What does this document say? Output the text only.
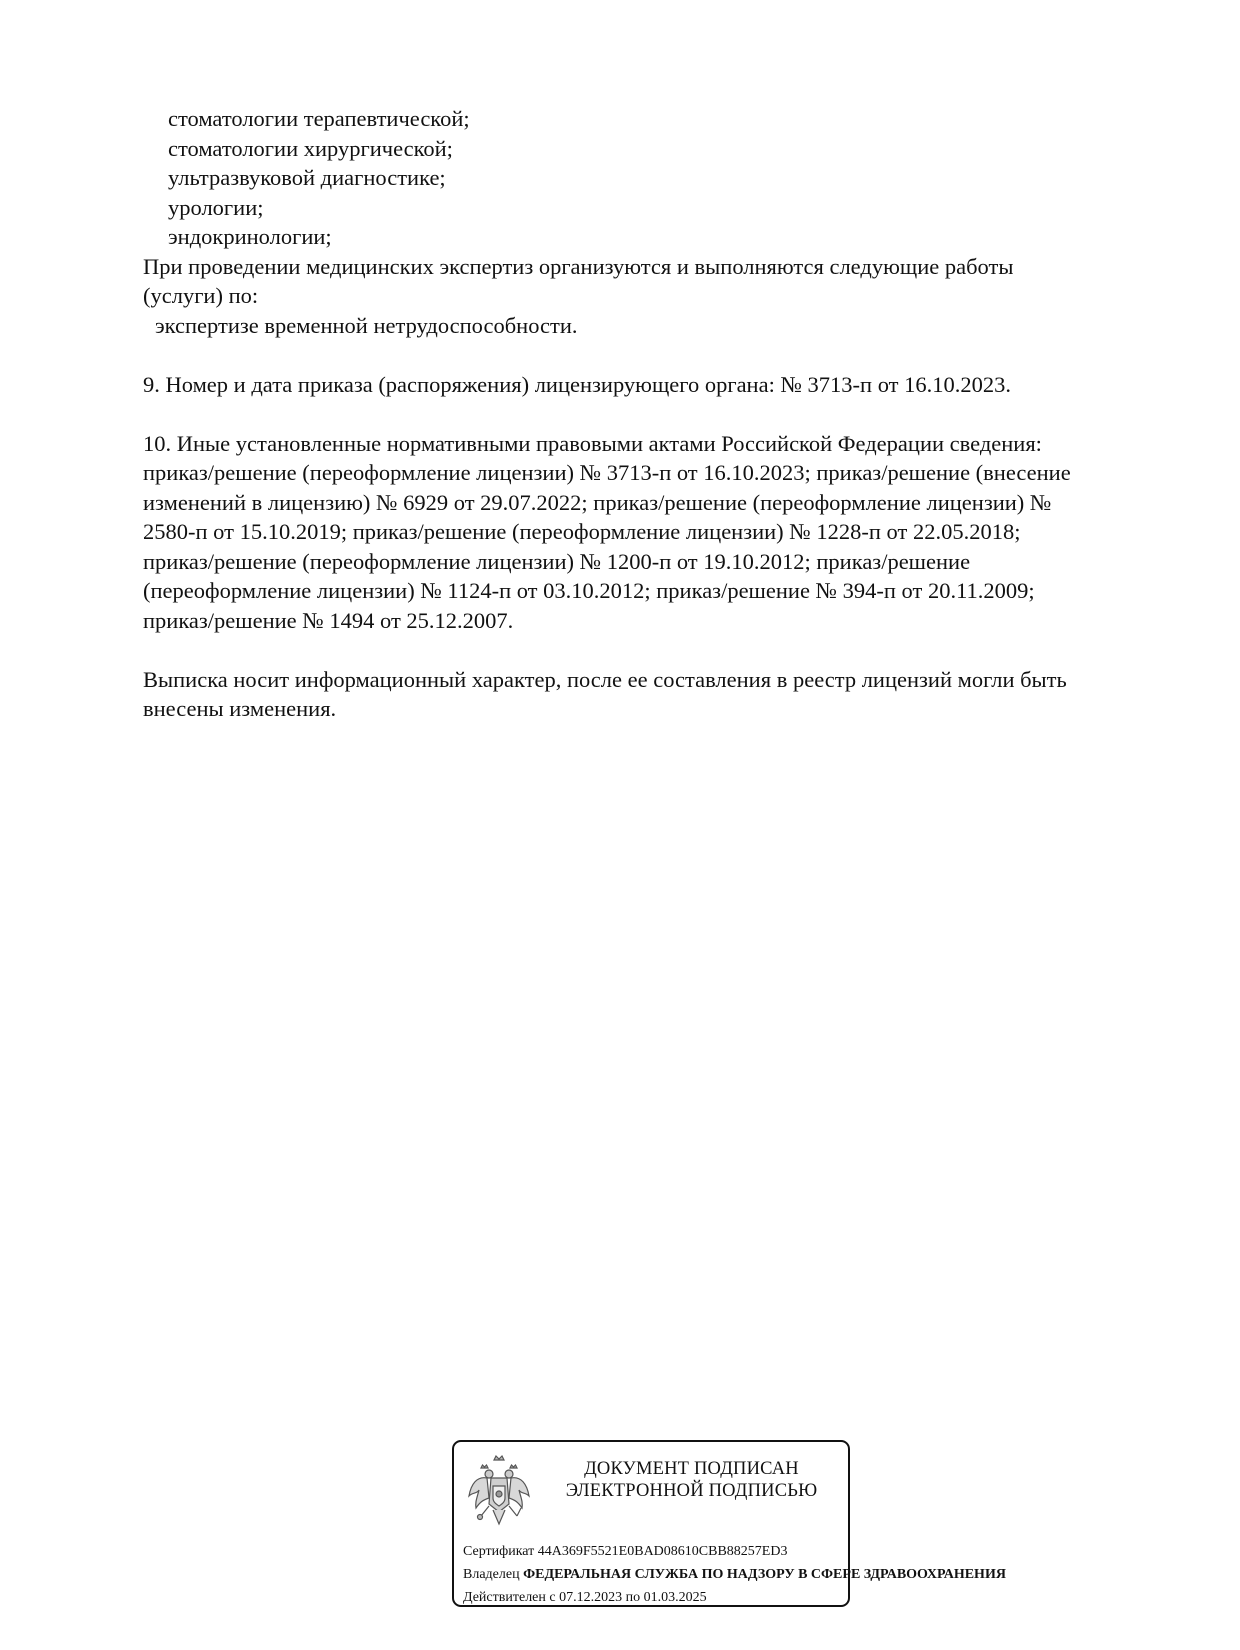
стоматологии терапевтической;
стоматологии хирургической;
ультразвуковой диагностике;
урологии;
эндокринологии;
При проведении медицинских экспертиз организуются и выполняются следующие работы
(услуги) по:
экспертизе временной нетрудоспособности.
9. Номер и дата приказа (распоряжения) лицензирующего органа: № 3713-п от 16.10.2023.
10. Иные установленные нормативными правовыми актами Российской Федерации сведения:
приказ/решение (переоформление лицензии) № 3713-п от 16.10.2023; приказ/решение (внесение
изменений в лицензию) № 6929 от 29.07.2022; приказ/решение (переоформление лицензии) №
2580-п от 15.10.2019; приказ/решение (переоформление лицензии) № 1228-п от 22.05.2018;
приказ/решение (переоформление лицензии) № 1200-п от 19.10.2012; приказ/решение
(переоформление лицензии) № 1124-п от 03.10.2012; приказ/решение № 394-п от 20.11.2009;
приказ/решение № 1494 от 25.12.2007.
Выписка носит информационный характер, после ее составления в реестр лицензий могли быть
внесены изменения.
ДОКУМЕНТ ПОДПИСАН
ЭЛЕКТРОННОЙ ПОДПИСЬЮ
Сертификат 44A369F5521E0BAD08610CBB88257ED3
Владелец ФЕДЕРАЛЬНАЯ СЛУЖБА ПО НАДЗОРУ В СФЕРЕ ЗДРАВООХРАНЕНИЯ
Действителен с 07.12.2023 по 01.03.2025
